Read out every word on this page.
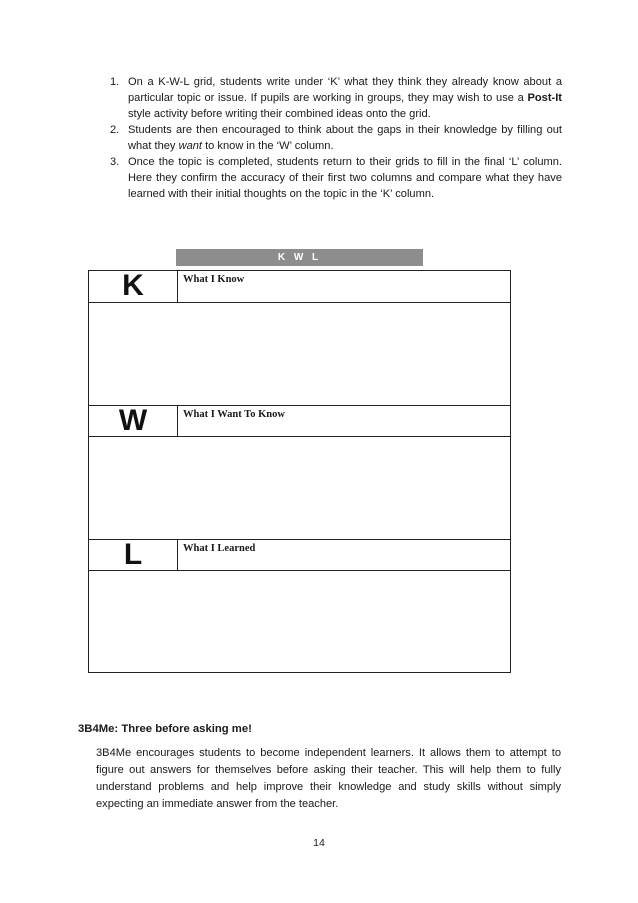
1. On a K-W-L grid, students write under ‘K’ what they think they already know about a particular topic or issue. If pupils are working in groups, they may wish to use a Post-It style activity before writing their combined ideas onto the grid.
2. Students are then encouraged to think about the gaps in their knowledge by filling out what they want to know in the ‘W’ column.
3. Once the topic is completed, students return to their grids to fill in the final ‘L’ column. Here they confirm the accuracy of their first two columns and compare what they have learned with their initial thoughts on the topic in the ‘K’ column.
K W L
K	What I Know
W	What I Want To Know
L	What I Learned
3B4Me: Three before asking me!

3B4Me encourages students to become independent learners. It allows them to attempt to figure out answers for themselves before asking their teacher. This will help them to fully understand problems and help improve their knowledge and study skills without simply expecting an immediate answer from the teacher.

14
